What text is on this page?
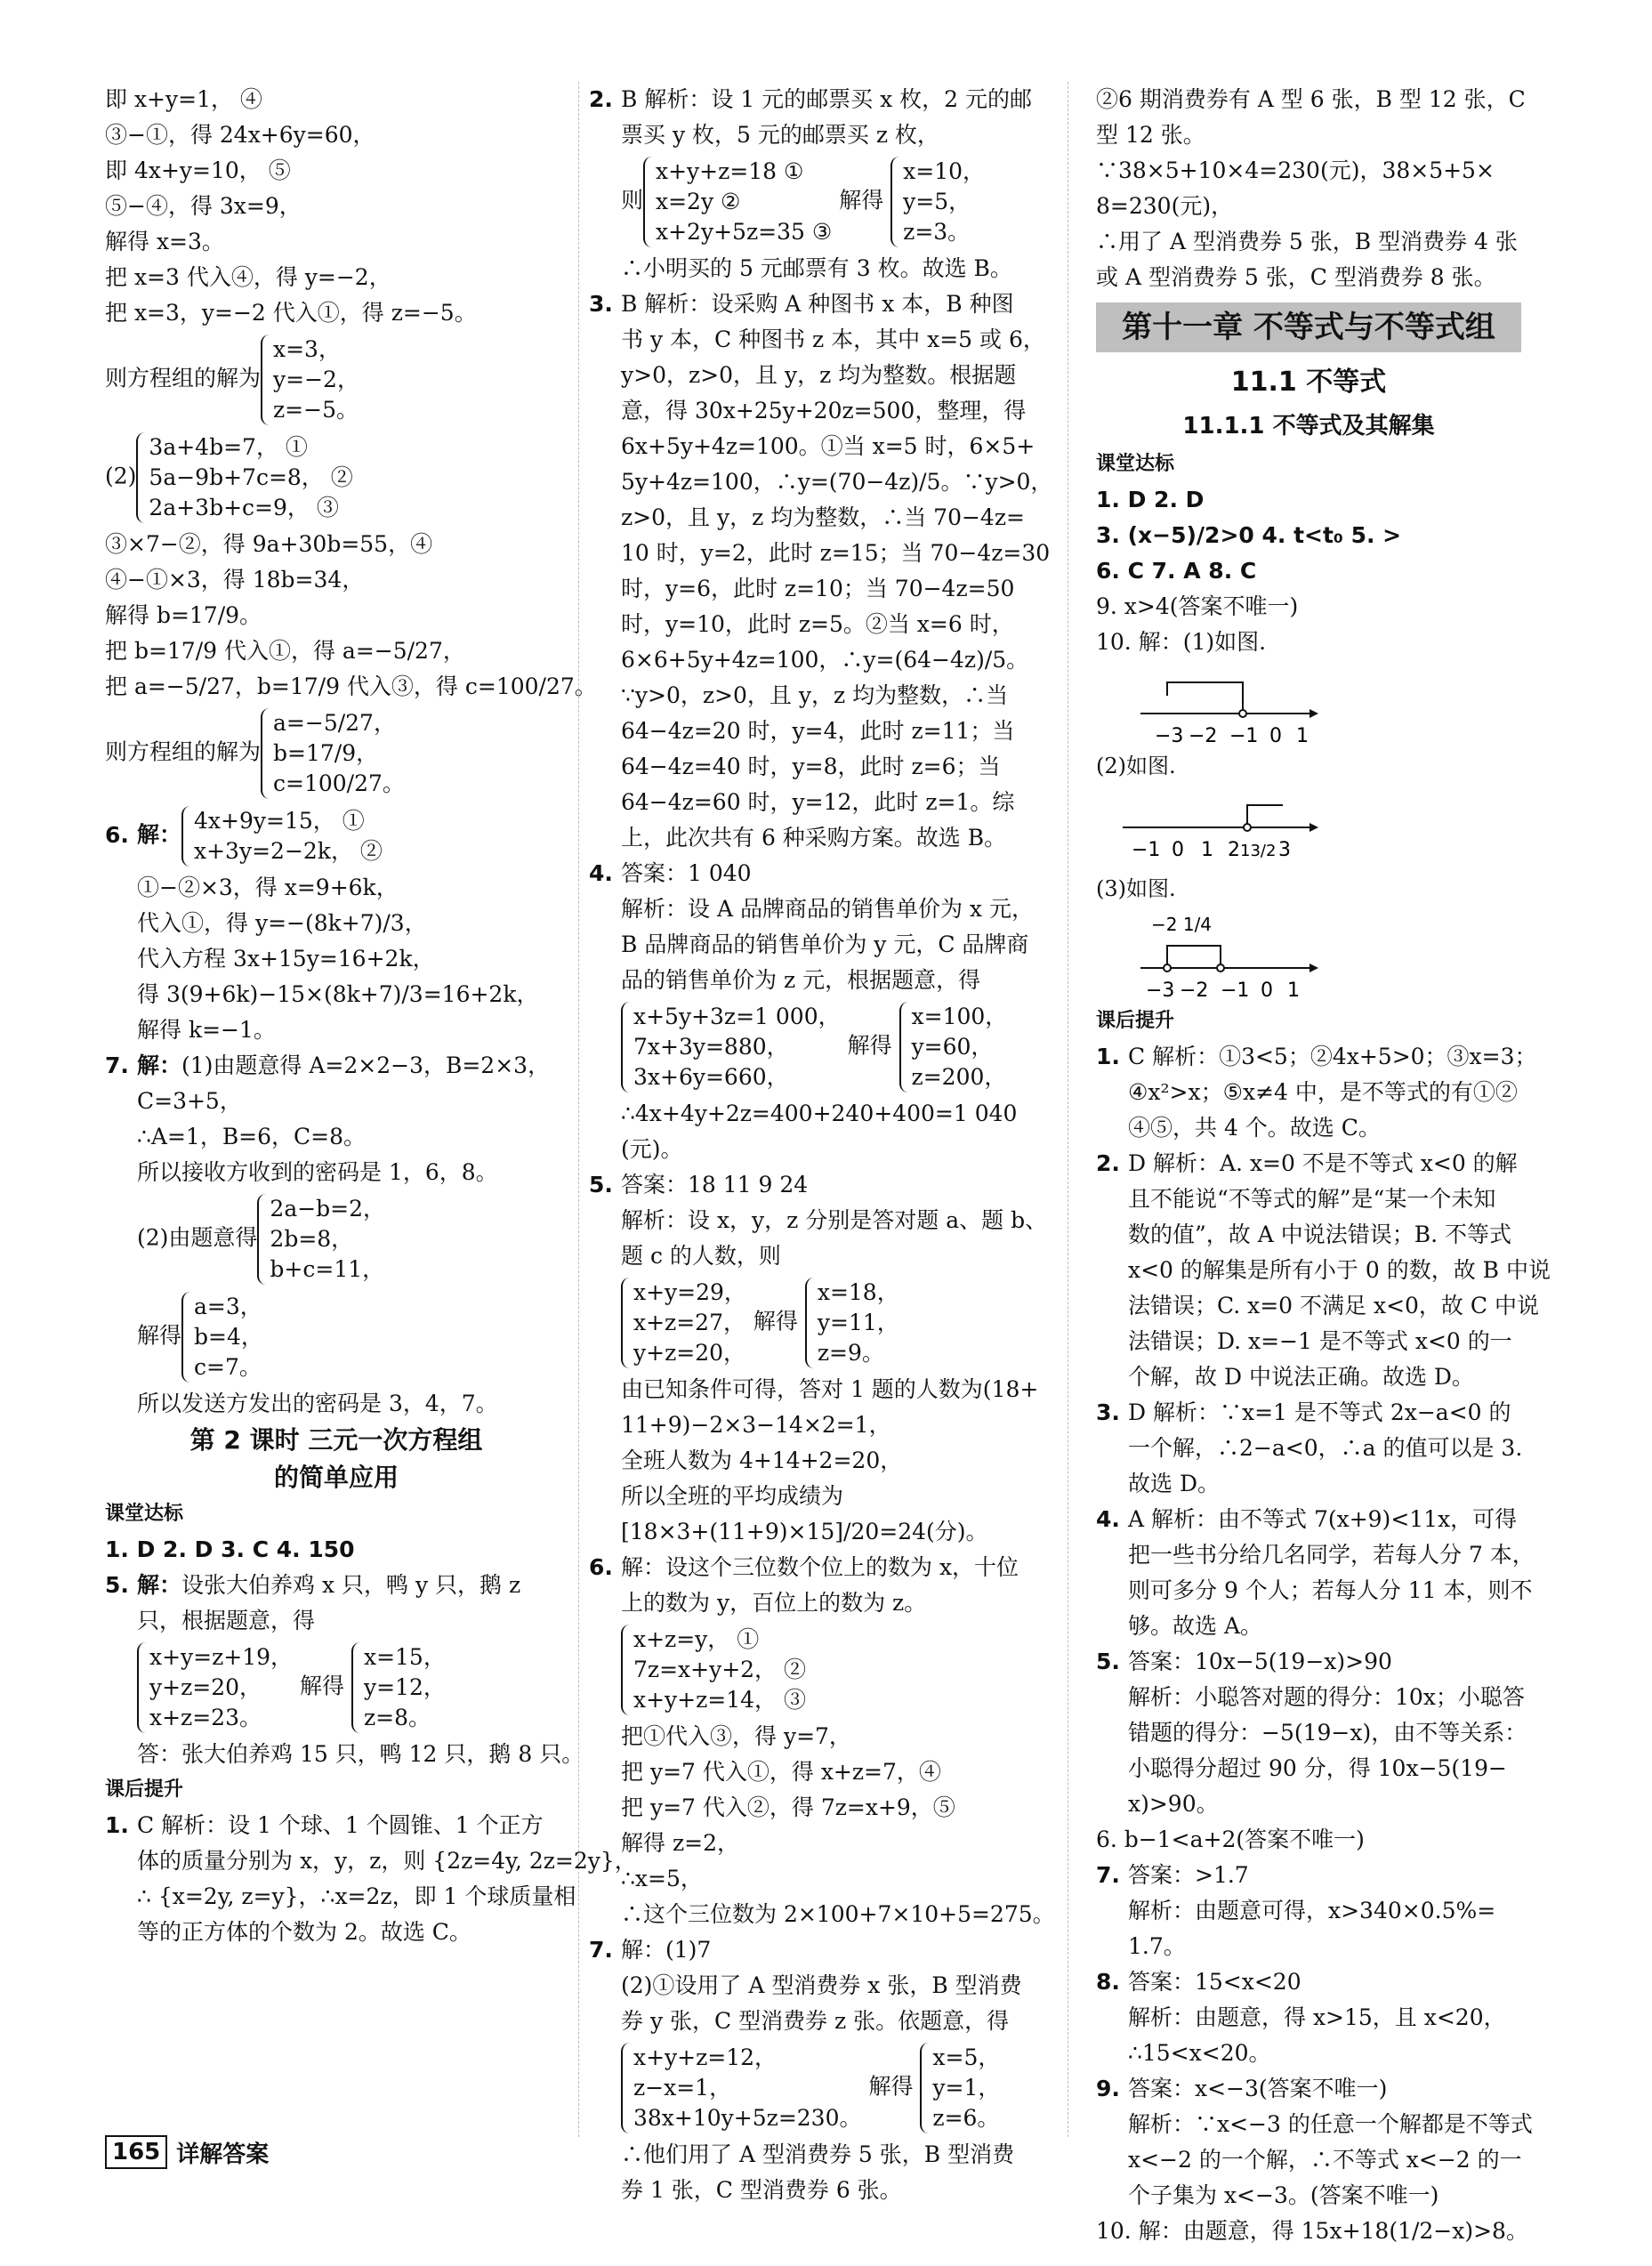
即 x+y=1， ④
③−①，得 24x+6y=60，
即 4x+y=10， ⑤
⑤−④，得 3x=9，
解得 x=3。
把 x=3 代入④，得 y=−2，
把 x=3，y=−2 代入①，得 z=−5。
则方程组的解为
x=3，
y=−2，
z=−5。
(2)
3a+4b=7， ①
5a−9b+7c=8， ②
2a+3b+c=9， ③
③×7−②，得 9a+30b=55，④
④−①×3，得 18b=34，
解得 b=17/9。
把 b=17/9 代入①，得 a=−5/27，
把 a=−5/27，b=17/9 代入③，得 c=100/27。
则方程组的解为
a=−5/27，
b=17/9，
c=100/27。
6. 解：
4x+9y=15， ①
x+3y=2−2k， ②
①−②×3，得 x=9+6k，
代入①，得 y=−(8k+7)/3，
代入方程 3x+15y=16+2k，
得 3(9+6k)−15×(8k+7)/3=16+2k，
解得 k=−1。
7. 解：(1)由题意得 A=2×2−3，B=2×3，
C=3+5，
∴A=1，B=6，C=8。
所以接收方收到的密码是 1，6，8。
(2)由题意得
2a−b=2，
2b=8，
b+c=11，
解得
a=3，
b=4，
c=7。
所以发送方发出的密码是 3，4，7。
第 2 课时 三元一次方程组
的简单应用
课堂达标
1. D 2. D 3. C 4. 150
5. 解：设张大伯养鸡 x 只，鸭 y 只，鹅 z
只，根据题意，得
x+y=z+19，
y+z=20，
x+z=23。
解得
x=15，
y=12，
z=8。
答：张大伯养鸡 15 只，鸭 12 只，鹅 8 只。
课后提升
1. C 解析：设 1 个球、1 个圆锥、1 个正方
体的质量分别为 x，y，z，则 {2z=4y, 2z=2y}，
∴ {x=2y, z=y}，∴x=2z，即 1 个球质量相
等的正方体的个数为 2。故选 C。
2. B 解析：设 1 元的邮票买 x 枚，2 元的邮
票买 y 枚，5 元的邮票买 z 枚，
则
x+y+z=18 ①
x=2y ②
x+2y+5z=35 ③
解得
x=10，
y=5，
z=3。
∴小明买的 5 元邮票有 3 枚。故选 B。
3. B 解析：设采购 A 种图书 x 本，B 种图
书 y 本，C 种图书 z 本，其中 x=5 或 6，
y>0，z>0，且 y，z 均为整数。根据题
意，得 30x+25y+20z=500，整理，得
6x+5y+4z=100。①当 x=5 时，6×5+
5y+4z=100，∴y=(70−4z)/5。∵y>0，
z>0，且 y，z 均为整数，∴当 70−4z=
10 时，y=2，此时 z=15；当 70−4z=30
时，y=6，此时 z=10；当 70−4z=50
时，y=10，此时 z=5。②当 x=6 时，
6×6+5y+4z=100，∴y=(64−4z)/5。
∵y>0，z>0，且 y，z 均为整数，∴当
64−4z=20 时，y=4，此时 z=11；当
64−4z=40 时，y=8，此时 z=6；当
64−4z=60 时，y=12，此时 z=1。综
上，此次共有 6 种采购方案。故选 B。
4. 答案：1 040
解析：设 A 品牌商品的销售单价为 x 元，
B 品牌商品的销售单价为 y 元，C 品牌商
品的销售单价为 z 元，根据题意，得
x+5y+3z=1 000，
7x+3y=880，
3x+6y=660，
解得
x=100，
y=60，
z=200，
∴4x+4y+2z=400+240+400=1 040
(元)。
5. 答案：18 11 9 24
解析：设 x，y，z 分别是答对题 a、题 b、
题 c 的人数，则
x+y=29，
x+z=27，
y+z=20，
解得
x=18，
y=11，
z=9。
由已知条件可得，答对 1 题的人数为(18+
11+9)−2×3−14×2=1，
全班人数为 4+14+2=20，
所以全班的平均成绩为
[18×3+(11+9)×15]/20=24(分)。
6. 解：设这个三位数个位上的数为 x，十位
上的数为 y，百位上的数为 z。
x+z=y， ①
7z=x+y+2， ②
x+y+z=14， ③
把①代入③，得 y=7，
把 y=7 代入①，得 x+z=7，④
把 y=7 代入②，得 7z=x+9，⑤
解得 z=2，
∴x=5，
∴这个三位数为 2×100+7×10+5=275。
7. 解：(1)7
(2)①设用了 A 型消费券 x 张，B 型消费
券 y 张，C 型消费券 z 张。依题意，得
x+y+z=12，
z−x=1，
38x+10y+5z=230。
解得
x=5，
y=1，
z=6。
∴他们用了 A 型消费券 5 张，B 型消费
券 1 张，C 型消费券 6 张。
②6 期消费券有 A 型 6 张，B 型 12 张，C
型 12 张。
∵38×5+10×4=230(元)，38×5+5×
8=230(元)，
∴用了 A 型消费券 5 张，B 型消费券 4 张
或 A 型消费券 5 张，C 型消费券 8 张。
第十一章 不等式与不等式组
11.1 不等式
11.1.1 不等式及其解集
课堂达标
1. D 2. D
3. (x−5)/2>0 4. t<t₀ 5. >
6. C 7. A 8. C
9. x>4(答案不唯一)
10. 解：(1)如图.
−3 −2 −1 0 1
(2)如图.
−1 0 1 2 13/2 3
(3)如图.
−2 1/4
−3 −2 −1 0 1
课后提升
1. C 解析：①3<5；②4x+5>0；③x=3；
④x²>x；⑤x≠4 中，是不等式的有①②
④⑤，共 4 个。故选 C。
2. D 解析：A. x=0 不是不等式 x<0 的解
且不能说“不等式的解”是“某一个未知
数的值”，故 A 中说法错误；B. 不等式
x<0 的解集是所有小于 0 的数，故 B 中说
法错误；C. x=0 不满足 x<0，故 C 中说
法错误；D. x=−1 是不等式 x<0 的一
个解，故 D 中说法正确。故选 D。
3. D 解析：∵x=1 是不等式 2x−a<0 的
一个解，∴2−a<0，∴a 的值可以是 3.
故选 D。
4. A 解析：由不等式 7(x+9)<11x，可得
把一些书分给几名同学，若每人分 7 本，
则可多分 9 个人；若每人分 11 本，则不
够。故选 A。
5. 答案：10x−5(19−x)>90
解析：小聪答对题的得分：10x；小聪答
错题的得分：−5(19−x)，由不等关系：
小聪得分超过 90 分，得 10x−5(19−
x)>90。
6. b−1<a+2(答案不唯一)
7. 答案：>1.7
解析：由题意可得，x>340×0.5%=
1.7。
8. 答案：15<x<20
解析：由题意，得 x>15，且 x<20，
∴15<x<20。
9. 答案：x<−3(答案不唯一)
解析：∵x<−3 的任意一个解都是不等式
x<−2 的一个解，∴不等式 x<−2 的一
个子集为 x<−3。(答案不唯一)
10. 解：由题意，得 15x+18(1/2−x)>8。
165 详解答案
